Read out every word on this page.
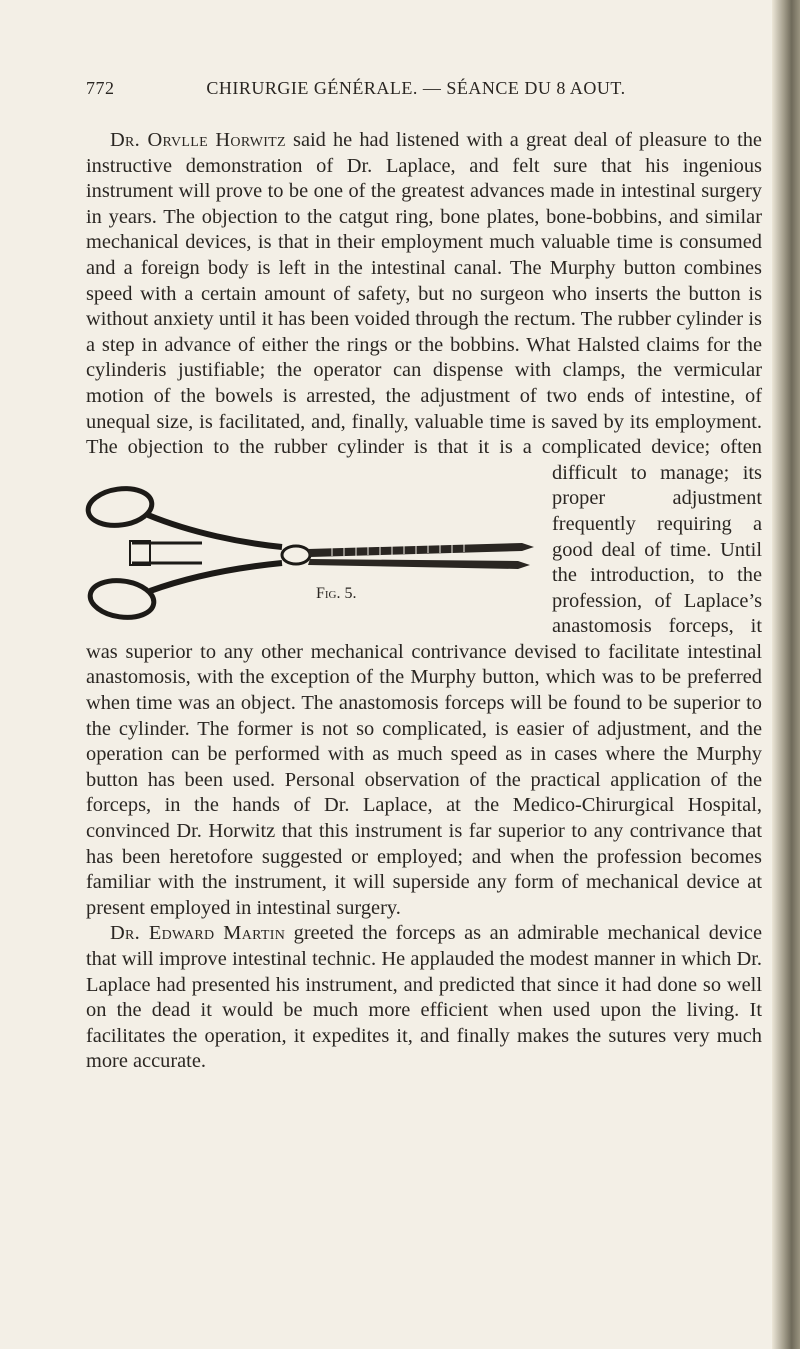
772	CHIRURGIE GÉNÉRALE. — SÉANCE DU 8 AOUT.

Dr. Orvlle Horwitz said he had listened with a great deal of pleasure to the instructive demonstration of Dr. Laplace, and felt sure that his ingenious instrument will prove to be one of the greatest advances made in intestinal surgery in years. The objection to the catgut ring, bone plates, bone-bobbins, and similar mechanical devices, is that in their employment much valuable time is consumed and a foreign body is left in the intestinal canal. The Murphy button combines speed with a certain amount of safety, but no surgeon who inserts the button is without anxiety until it has been voided through the rectum. The rubber cylinder is a step in advance of either the rings or the bobbins. What Halsted claims for the cylinderis justifiable; the operator can dispense with clamps, the vermicular motion of the bowels is arrested, the adjustment of two ends of intestine, of unequal size, is facilitated, and, finally, valuable time is saved by its employment. The objection to the rubber cylinder is that it is a complicated device; often difficult to
Fig. 5.
manage; its proper adjustment frequently requiring a good deal of time. Until the introduction, to the profession, of Laplace’s anastomosis forceps, it was superior to any other mechanical contrivance devised to facilitate intestinal anastomosis, with the exception of the Murphy button, which was to be preferred when time was an object. The anastomosis forceps will be found to be superior to the cylinder. The former is not so complicated, is easier of adjustment, and the operation can be performed with as much speed as in cases where the Murphy button has been used. Personal observation of the practical application of the forceps, in the hands of Dr. Laplace, at the Medico-Chirurgical Hospital, convinced Dr. Horwitz that this instrument is far superior to any contrivance that has been heretofore suggested or employed; and when the profession becomes familiar with the instrument, it will superside any form of mechanical device at present employed in intestinal surgery.

Dr. Edward Martin greeted the forceps as an admirable mechanical device that will improve intestinal technic. He applauded the modest manner in which Dr. Laplace had presented his instrument, and predicted that since it had done so well on the dead it would be much more efficient when used upon the living. It facilitates the operation, it expedites it, and finally makes the sutures very much more accurate.
